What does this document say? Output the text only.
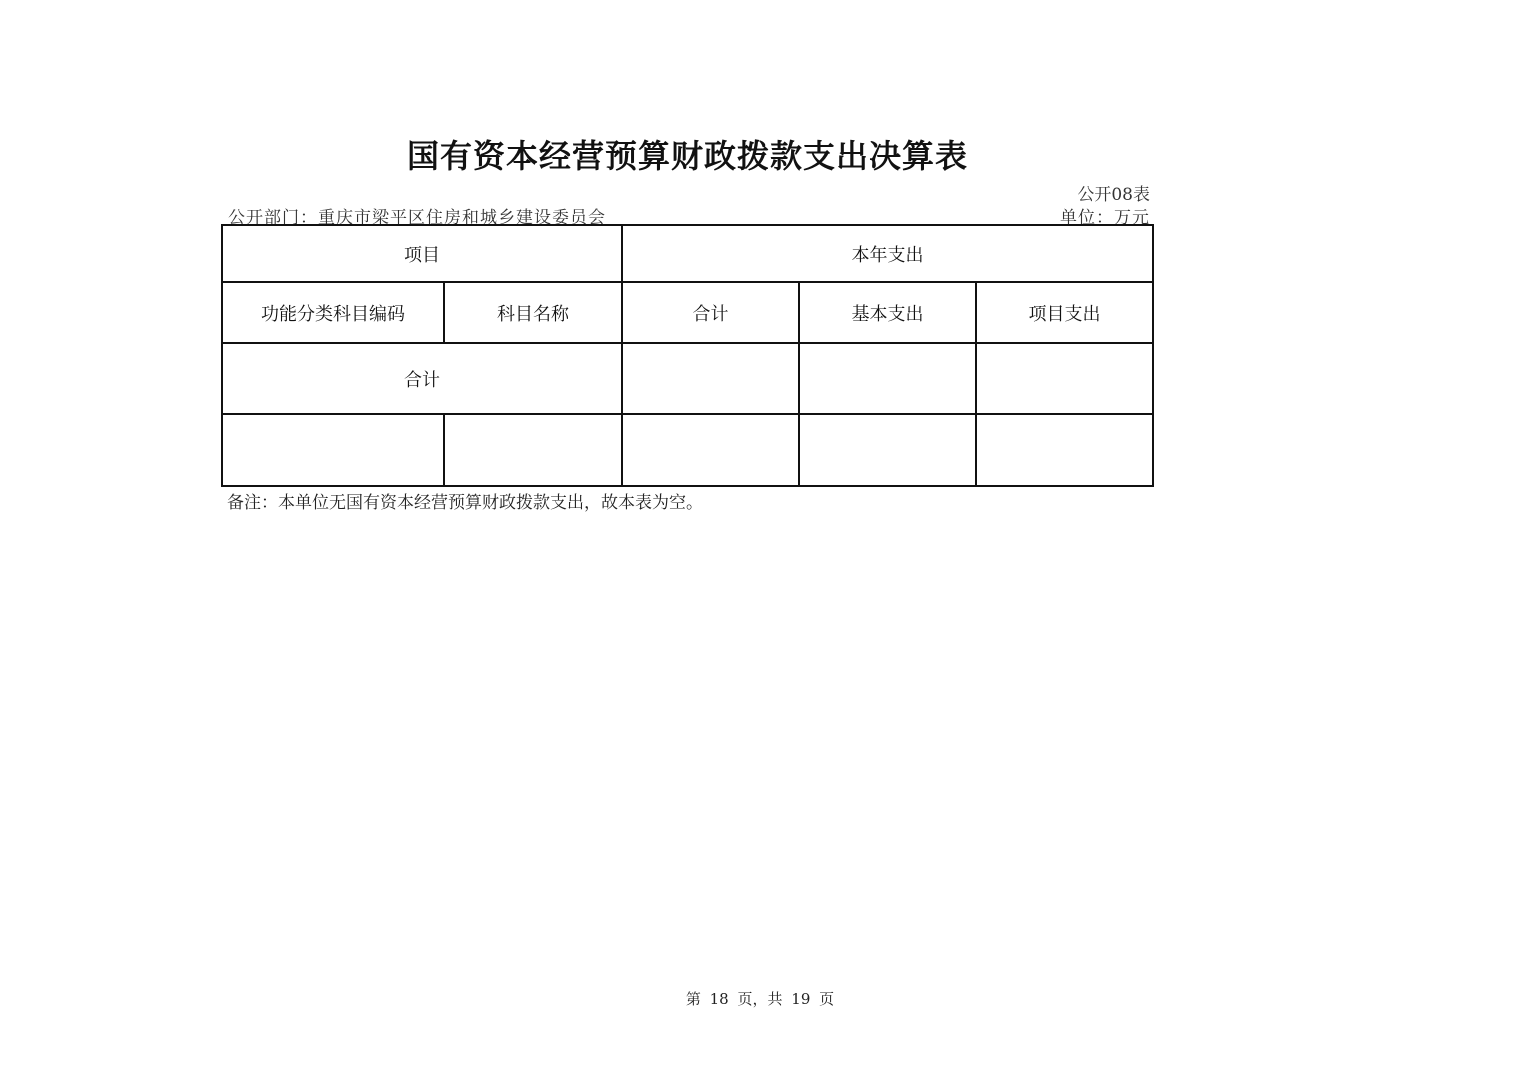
国有资本经营预算财政拨款支出决算表
公开08表
公开部门：重庆市梁平区住房和城乡建设委员会	单位：万元
项目		本年支出		
功能分类科目编码	科目名称	合计	基本支出	项目支出
合计				

备注：本单位无国有资本经营预算财政拨款支出，故本表为空。
第 18 页，共 19 页
